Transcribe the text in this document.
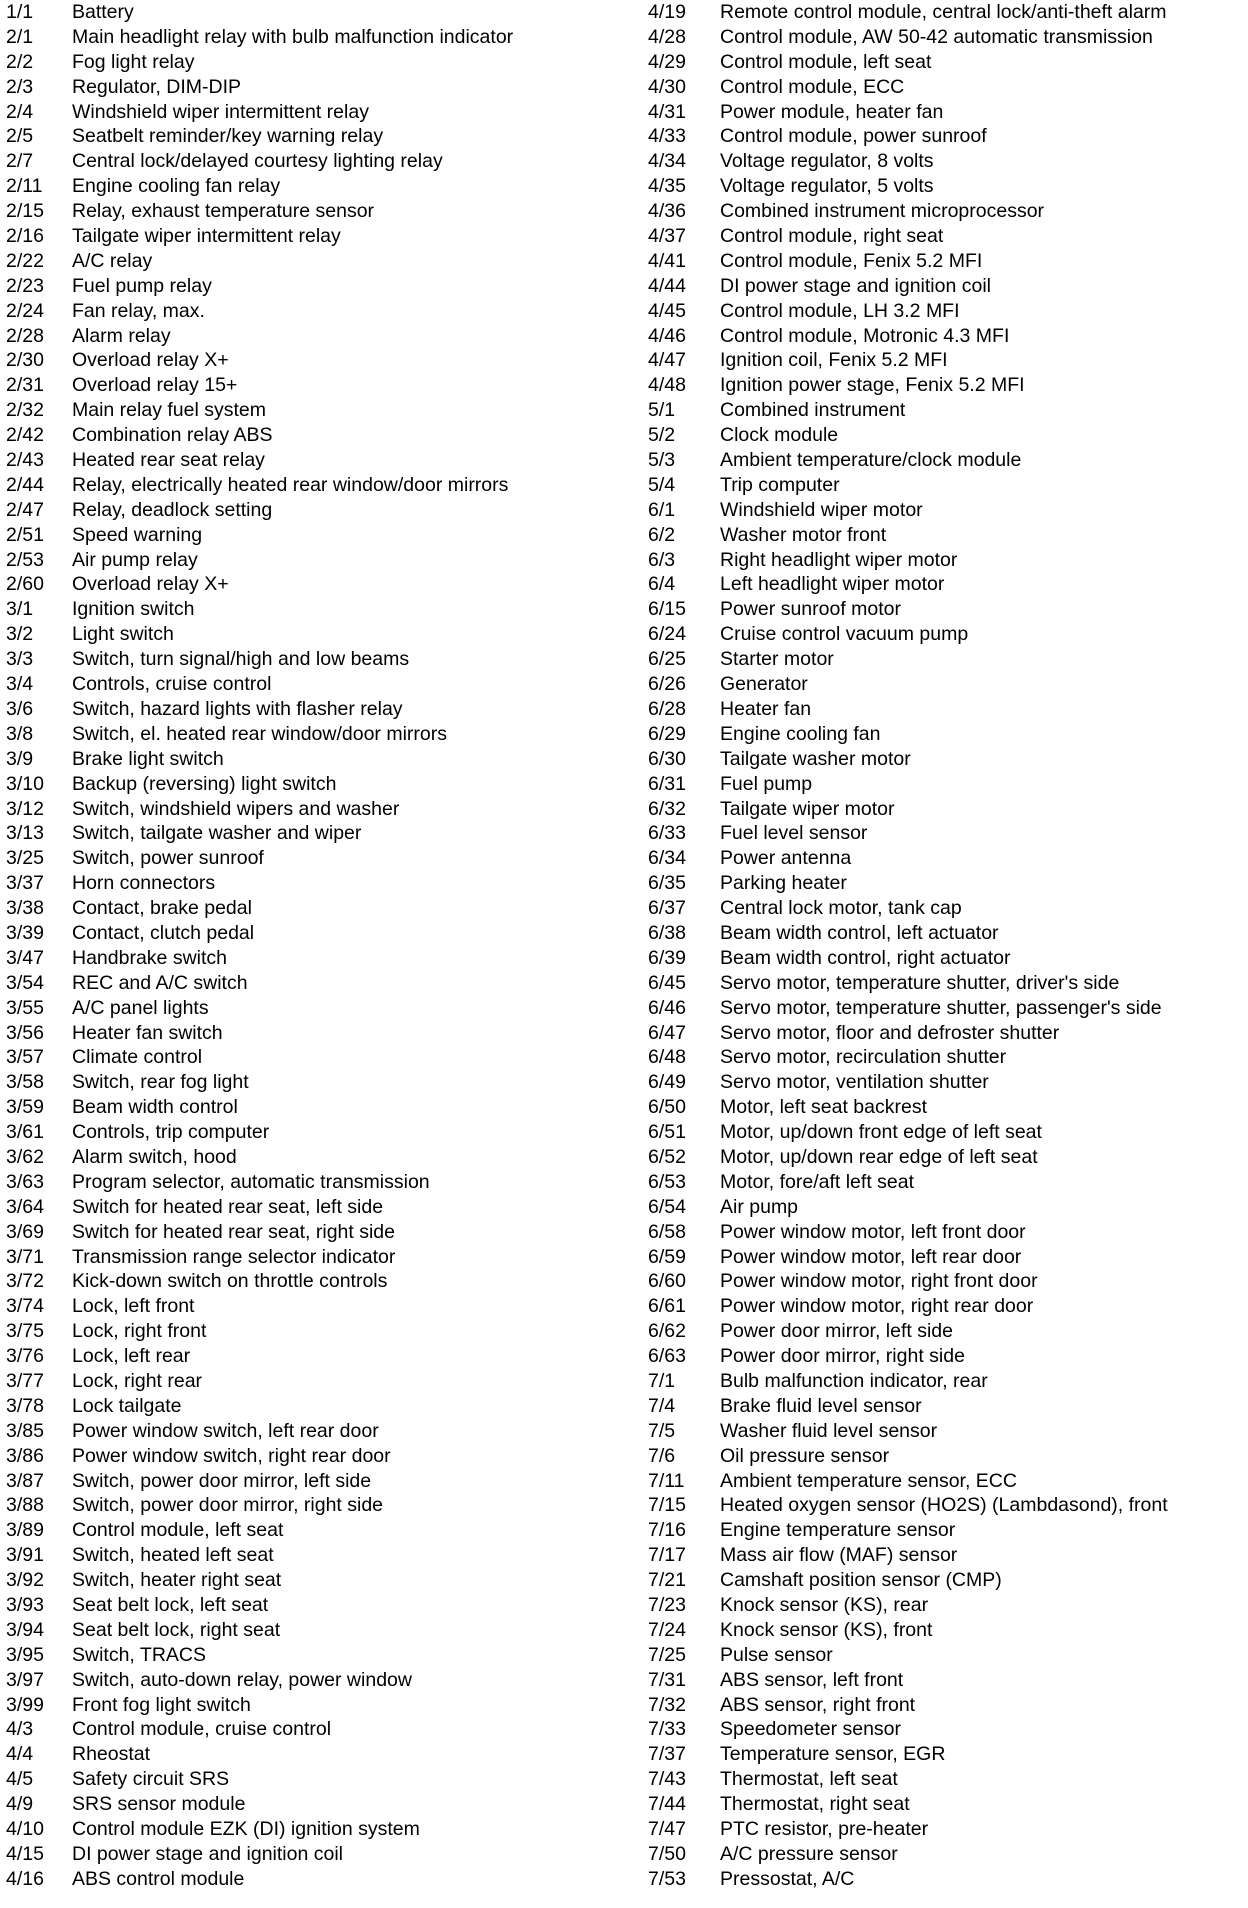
1/1	Battery
2/1	Main headlight relay with bulb malfunction indicator
2/2	Fog light relay
2/3	Regulator, DIM-DIP
2/4	Windshield wiper intermittent relay
2/5	Seatbelt reminder/key warning relay
2/7	Central lock/delayed courtesy lighting relay
2/11	Engine cooling fan relay
2/15	Relay, exhaust temperature sensor
2/16	Tailgate wiper intermittent relay
2/22	A/C relay
2/23	Fuel pump relay
2/24	Fan relay, max.
2/28	Alarm relay
2/30	Overload relay X+
2/31	Overload relay 15+
2/32	Main relay fuel system
2/42	Combination relay ABS
2/43	Heated rear seat relay
2/44	Relay, electrically heated rear window/door mirrors
2/47	Relay, deadlock setting
2/51	Speed warning
2/53	Air pump relay
2/60	Overload relay X+
3/1	Ignition switch
3/2	Light switch
3/3	Switch, turn signal/high and low beams
3/4	Controls, cruise control
3/6	Switch, hazard lights with flasher relay
3/8	Switch, el. heated rear window/door mirrors
3/9	Brake light switch
3/10	Backup (reversing) light switch
3/12	Switch, windshield wipers and washer
3/13	Switch, tailgate washer and wiper
3/25	Switch, power sunroof
3/37	Horn connectors
3/38	Contact, brake pedal
3/39	Contact, clutch pedal
3/47	Handbrake switch
3/54	REC and A/C switch
3/55	A/C panel lights
3/56	Heater fan switch
3/57	Climate control
3/58	Switch, rear fog light
3/59	Beam width control
3/61	Controls, trip computer
3/62	Alarm switch, hood
3/63	Program selector, automatic transmission
3/64	Switch for heated rear seat, left side
3/69	Switch for heated rear seat, right side
3/71	Transmission range selector indicator
3/72	Kick-down switch on throttle controls
3/74	Lock, left front
3/75	Lock, right front
3/76	Lock, left rear
3/77	Lock, right rear
3/78	Lock tailgate
3/85	Power window switch, left rear door
3/86	Power window switch, right rear door
3/87	Switch, power door mirror, left side
3/88	Switch, power door mirror, right side
3/89	Control module, left seat
3/91	Switch, heated left seat
3/92	Switch, heater right seat
3/93	Seat belt lock, left seat
3/94	Seat belt lock, right seat
3/95	Switch, TRACS
3/97	Switch, auto-down relay, power window
3/99	Front fog light switch
4/3	Control module, cruise control
4/4	Rheostat
4/5	Safety circuit SRS
4/9	SRS sensor module
4/10	Control module EZK (DI) ignition system
4/15	DI power stage and ignition coil
4/16	ABS control module
4/19	Remote control module, central lock/anti-theft alarm
4/28	Control module, AW 50-42 automatic transmission
4/29	Control module, left seat
4/30	Control module, ECC
4/31	Power module, heater fan
4/33	Control module, power sunroof
4/34	Voltage regulator, 8 volts
4/35	Voltage regulator, 5 volts
4/36	Combined instrument microprocessor
4/37	Control module, right seat
4/41	Control module, Fenix 5.2 MFI
4/44	DI power stage and ignition coil
4/45	Control module, LH 3.2 MFI
4/46	Control module, Motronic 4.3 MFI
4/47	Ignition coil, Fenix 5.2 MFI
4/48	Ignition power stage, Fenix 5.2 MFI
5/1	Combined instrument
5/2	Clock module
5/3	Ambient temperature/clock module
5/4	Trip computer
6/1	Windshield wiper motor
6/2	Washer motor front
6/3	Right headlight wiper motor
6/4	Left headlight wiper motor
6/15	Power sunroof motor
6/24	Cruise control vacuum pump
6/25	Starter motor
6/26	Generator
6/28	Heater fan
6/29	Engine cooling fan
6/30	Tailgate washer motor
6/31	Fuel pump
6/32	Tailgate wiper motor
6/33	Fuel level sensor
6/34	Power antenna
6/35	Parking heater
6/37	Central lock motor, tank cap
6/38	Beam width control, left actuator
6/39	Beam width control, right actuator
6/45	Servo motor, temperature shutter, driver's side
6/46	Servo motor, temperature shutter, passenger's side
6/47	Servo motor, floor and defroster shutter
6/48	Servo motor, recirculation shutter
6/49	Servo motor, ventilation shutter
6/50	Motor, left seat backrest
6/51	Motor, up/down front edge of left seat
6/52	Motor, up/down rear edge of left seat
6/53	Motor, fore/aft left seat
6/54	Air pump
6/58	Power window motor, left front door
6/59	Power window motor, left rear door
6/60	Power window motor, right front door
6/61	Power window motor, right rear door
6/62	Power door mirror, left side
6/63	Power door mirror, right side
7/1	Bulb malfunction indicator, rear
7/4	Brake fluid level sensor
7/5	Washer fluid level sensor
7/6	Oil pressure sensor
7/11	Ambient temperature sensor, ECC
7/15	Heated oxygen sensor (HO2S) (Lambdasond), front
7/16	Engine temperature sensor
7/17	Mass air flow (MAF) sensor
7/21	Camshaft position sensor (CMP)
7/23	Knock sensor (KS), rear
7/24	Knock sensor (KS), front
7/25	Pulse sensor
7/31	ABS sensor, left front
7/32	ABS sensor, right front
7/33	Speedometer sensor
7/37	Temperature sensor, EGR
7/43	Thermostat, left seat
7/44	Thermostat, right seat
7/47	PTC resistor, pre-heater
7/50	A/C pressure sensor
7/53	Pressostat, A/C
